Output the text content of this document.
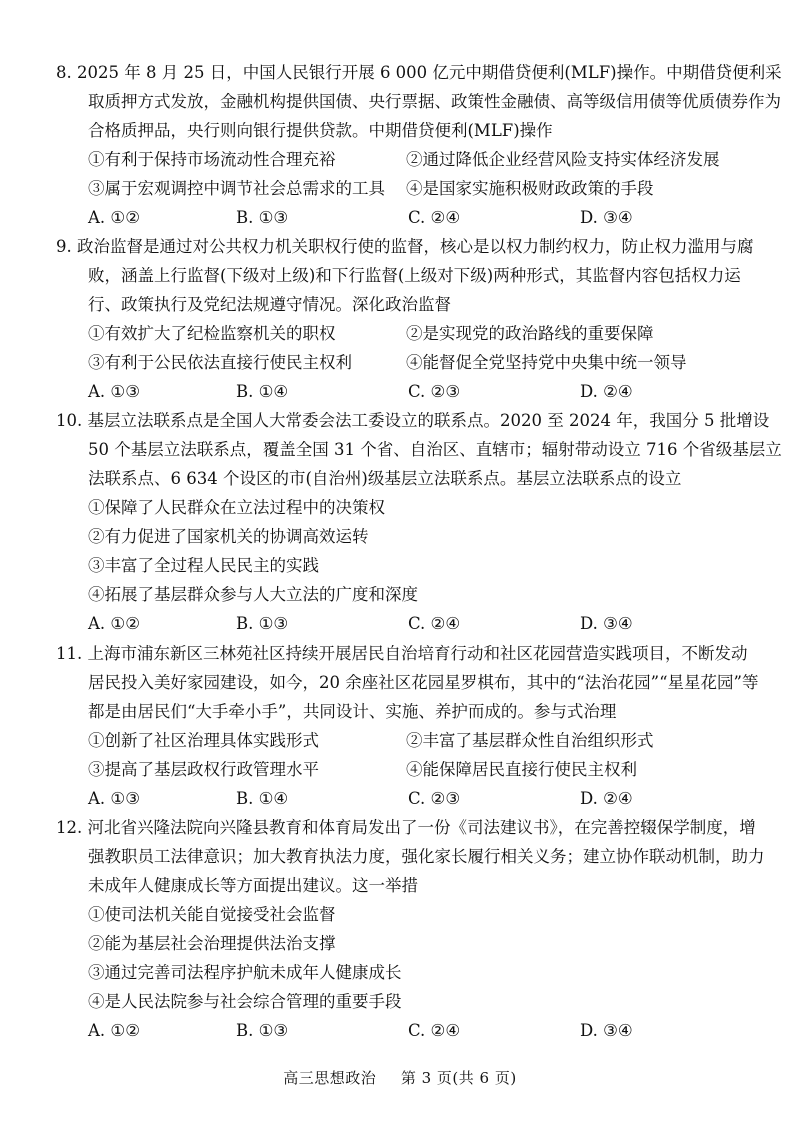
8. 2025 年 8 月 25 日，中国人民银行开展 6 000 亿元中期借贷便利(MLF)操作。中期借贷便利采
取质押方式发放，金融机构提供国债、央行票据、政策性金融债、高等级信用债等优质债券作为
合格质押品，央行则向银行提供贷款。中期借贷便利(MLF)操作
①有利于保持市场流动性合理充裕	②通过降低企业经营风险支持实体经济发展
③属于宏观调控中调节社会总需求的工具 ④是国家实施积极财政政策的手段
A. ①②	B. ①③	C. ②④	D. ③④
9. 政治监督是通过对公共权力机关职权行使的监督，核心是以权力制约权力，防止权力滥用与腐
败，涵盖上行监督(下级对上级)和下行监督(上级对下级)两种形式，其监督内容包括权力运
行、政策执行及党纪法规遵守情况。深化政治监督
①有效扩大了纪检监察机关的职权	②是实现党的政治路线的重要保障
③有利于公民依法直接行使民主权利	④能督促全党坚持党中央集中统一领导
A. ①③	B. ①④	C. ②③	D. ②④
10. 基层立法联系点是全国人大常委会法工委设立的联系点。2020 至 2024 年，我国分 5 批增设
50 个基层立法联系点，覆盖全国 31 个省、自治区、直辖市；辐射带动设立 716 个省级基层立
法联系点、6 634 个设区的市(自治州)级基层立法联系点。基层立法联系点的设立
①保障了人民群众在立法过程中的决策权
②有力促进了国家机关的协调高效运转
③丰富了全过程人民民主的实践
④拓展了基层群众参与人大立法的广度和深度
A. ①②	B. ①③	C. ②④	D. ③④
11. 上海市浦东新区三林苑社区持续开展居民自治培育行动和社区花园营造实践项目，不断发动
居民投入美好家园建设，如今，20 余座社区花园星罗棋布，其中的“法治花园”“星星花园”等
都是由居民们“大手牵小手”，共同设计、实施、养护而成的。参与式治理
①创新了社区治理具体实践形式	②丰富了基层群众性自治组织形式
③提高了基层政权行政管理水平	④能保障居民直接行使民主权利
A. ①③	B. ①④	C. ②③	D. ②④
12. 河北省兴隆法院向兴隆县教育和体育局发出了一份《司法建议书》，在完善控辍保学制度，增
强教职员工法律意识；加大教育执法力度，强化家长履行相关义务；建立协作联动机制，助力
未成年人健康成长等方面提出建议。这一举措
①使司法机关能自觉接受社会监督
②能为基层社会治理提供法治支撑
③通过完善司法程序护航未成年人健康成长
④是人民法院参与社会综合管理的重要手段
A. ①②	B. ①③	C. ②④	D. ③④
高三思想政治 第 3 页(共 6 页)
